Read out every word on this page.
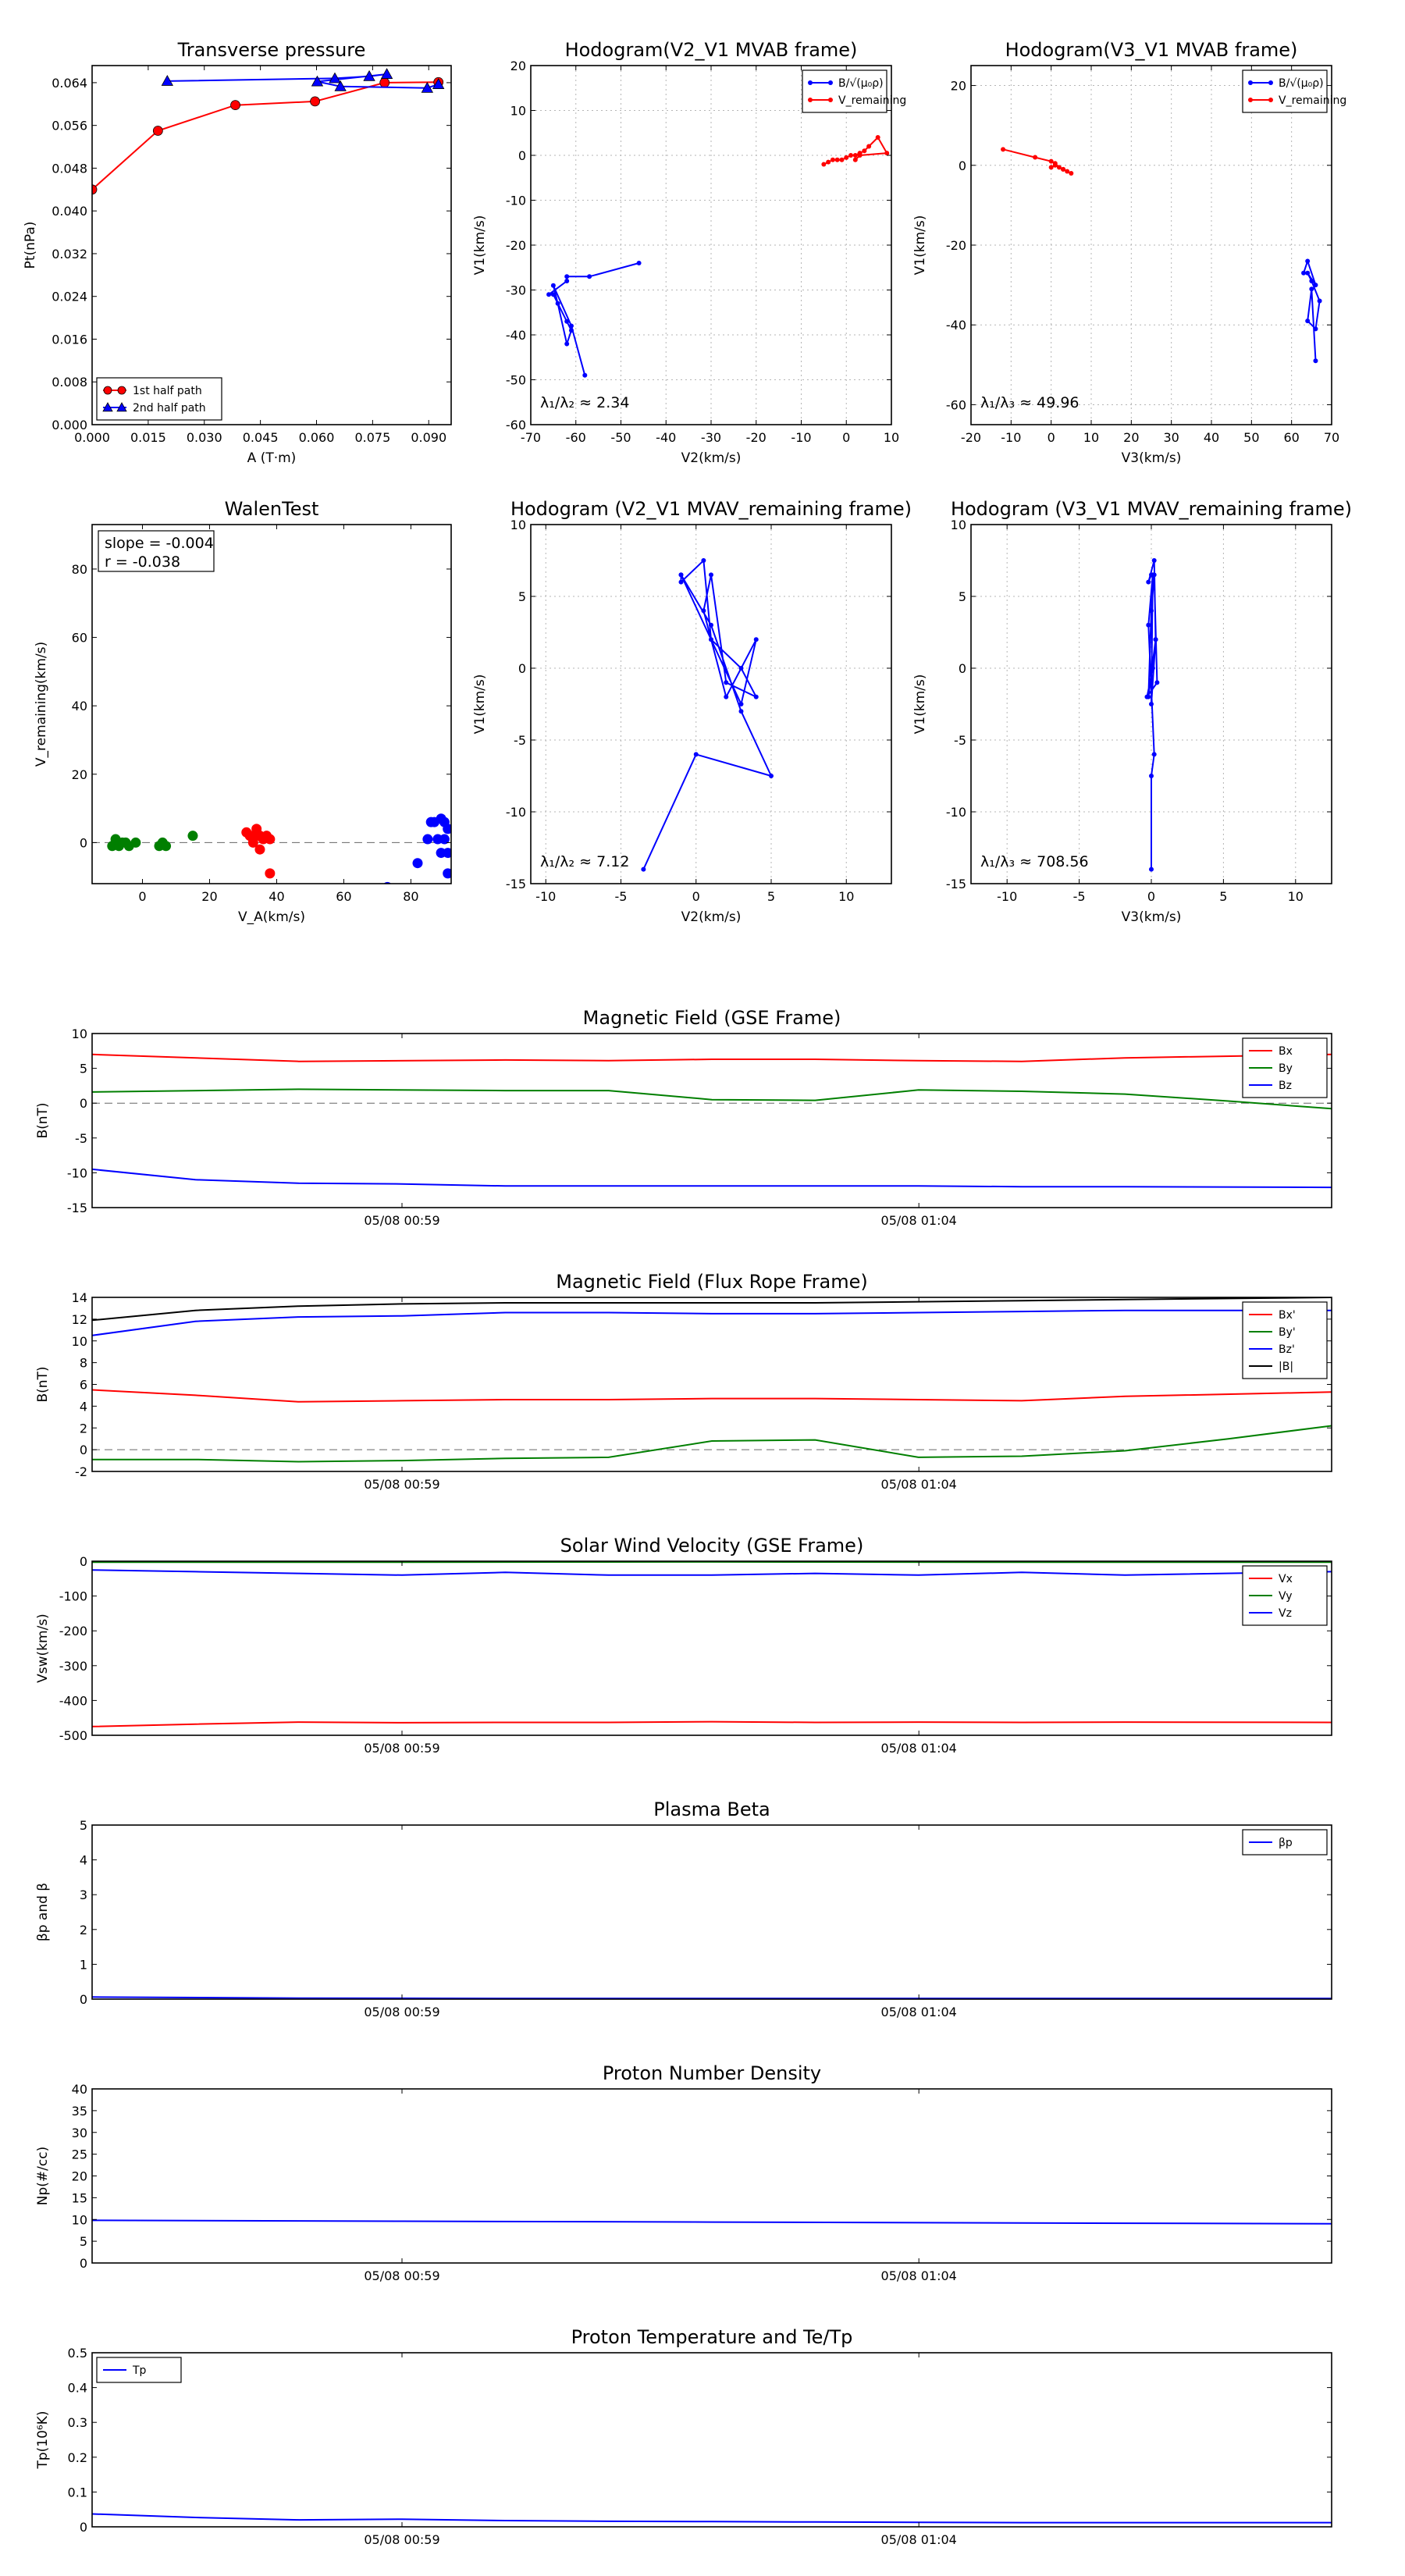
Transverse pressure
0.000 0.015 0.030 0.045 0.060 0.075 0.090
0.000
0.008
0.016
0.024
0.032
0.040
0.048
0.056
0.064
A (T·m)
Pt(nPa)
1st half path
2nd half path
Hodogram(V2_V1 MVAB frame)
-70 -60 -50 -40 -30 -20 -10 0	10
-60
-50
-40
-30
-20
-10
0
10
20
V2(km/s)
V1(km/s)
λ₁/λ₂ ≈ 2.34
B/√(μ₀ρ)
V_remaining
Hodogram(V3_V1 MVAB frame)
-20 -10 0 10 20 30 40 50 60 70
-60
-40
-20
0
20
V3(km/s)
V1(km/s)
λ₁/λ₃ ≈ 49.96
B/√(μ₀ρ)
V_remaining
WalenTest
0	20	40	60	80
0
20
40
60
80
V_A(km/s)
V_remaining(km/s)
slope = -0.004
r = -0.038
Hodogram (V2_V1 MVAV_remaining frame)
-10	-5	0	5	10
-15
-10
-5
0
5
10
V2(km/s)
V1(km/s)
λ₁/λ₂ ≈ 7.12
Hodogram (V3_V1 MVAV_remaining frame)
-10	-5	0	5	10
-15
-10
-5
0
5
10
V3(km/s)
V1(km/s)
λ₁/λ₃ ≈ 708.56
Magnetic Field (GSE Frame)
05/08 00:59	05/08 01:04
-15
-10
-5
0
5
10
B(nT)
Bx
By
Bz
Magnetic Field (Flux Rope Frame)
05/08 00:59	05/08 01:04
-2
0
2
4
6
8
10
12
14
B(nT)
Bx'
By'
Bz'
|B|
Solar Wind Velocity (GSE Frame)
05/08 00:59	05/08 01:04
-500
-400
-300
-200
-100
0
Vsw(km/s)
Vx
Vy
Vz
Plasma Beta
05/08 00:59	05/08 01:04
0
1
2
3
4
5
βp and β
βp
Proton Number Density
05/08 00:59	05/08 01:04
0
5
10
15
20
25
30
35
40
Np(#/cc)
Proton Temperature and Te/Tp
05/08 00:59	05/08 01:04
0
0.1
0.2
0.3
0.4
0.5
Tp(10⁶K)
Tp
